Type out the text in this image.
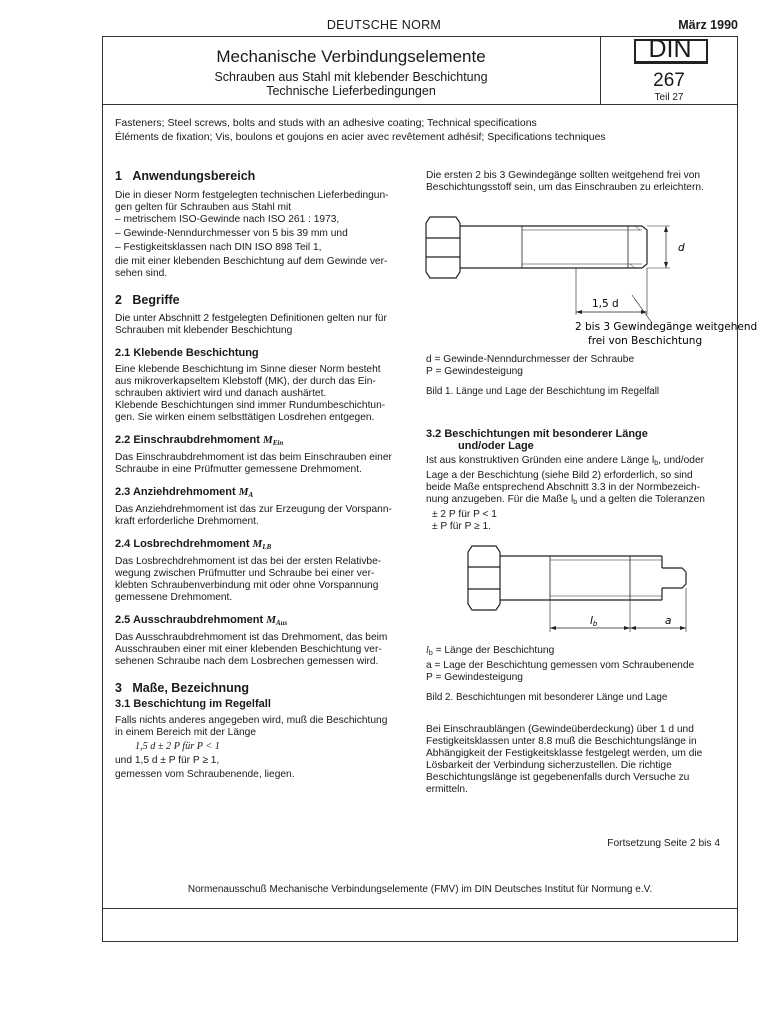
DEUTSCHE NORM	März 1990
Mechanische Verbindungselemente
Schrauben aus Stahl mit klebender Beschichtung
Technische Lieferbedingungen
DIN
267
Teil 27
Fasteners; Steel screws, bolts and studs with an adhesive coating; Technical specifications
Éléments de fixation; Vis, boulons et goujons en acier avec revêtement adhésif; Specifications techniques
1 Anwendungsbereich

Die in dieser Norm festgelegten technischen Lieferbedingun-

gen gelten für Schrauben aus Stahl mit

– metrischem ISO-Gewinde nach ISO 261 : 1973,

– Gewinde-Nenndurchmesser von 5 bis 39 mm und

– Festigkeitsklassen nach DIN ISO 898 Teil 1,

die mit einer klebenden Beschichtung auf dem Gewinde ver-

sehen sind.

2 Begriffe

Die unter Abschnitt 2 festgelegten Definitionen gelten nur für

Schrauben mit klebender Beschichtung

2.1 Klebende Beschichtung

Eine klebende Beschichtung im Sinne dieser Norm besteht

aus mikroverkapseltem Klebstoff (MK), der durch das Ein-

schrauben aktiviert wird und danach aushärtet.

Klebende Beschichtungen sind immer Rundumbeschichtun-

gen. Sie wirken einem selbsttätigen Losdrehen entgegen.

2.2 Einschraubdrehmoment $M_{Ein}$

Das Einschraubdrehmoment ist das beim Einschrauben einer

Schraube in eine Prüfmutter gemessene Drehmoment.

2.3 Anziehdrehmoment $M_A$

Das Anziehdrehmoment ist das zur Erzeugung der Vorspann-

kraft erforderliche Drehmoment.

2.4 Losbrechdrehmoment $M_{LB}$

Das Losbrechdrehmoment ist das bei der ersten Relativbe-

wegung zwischen Prüfmutter und Schraube bei einer ver-

klebten Schraubenverbindung mit oder ohne Vorspannung

gemessene Drehmoment.

2.5 Ausschraubdrehmoment $M_{Aus}$

Das Ausschraubdrehmoment ist das Drehmoment, das beim

Ausschrauben einer mit einer klebenden Beschichtung ver-

sehenen Schraube nach dem Losbrechen gemessen wird.

3 Maße, Bezeichnung
3.1 Beschichtung im Regelfall

Falls nichts anderes angegeben wird, muß die Beschichtung

in einem Bereich mit der Länge

1,5 d ± 2 P für P < 1

und 1,5 d ± P für P ≥ 1,

gemessen vom Schraubenende, liegen.

Die ersten 2 bis 3 Gewindegänge sollten weitgehend frei von

Beschichtungsstoff sein, um das Einschrauben zu erleichtern.

d
1,5 d
2 bis 3 Gewindegänge weitgehend
frei von Beschichtung

d = Gewinde-Nenndurchmesser der Schraube

P = Gewindesteigung

Bild 1. Länge und Lage der Beschichtung im Regelfall

3.2 Beschichtungen mit besonderer Länge
und/oder Lage

Ist aus konstruktiven Gründen eine andere Länge $l_b$, und/oder

Lage a der Beschichtung (siehe Bild 2) erforderlich, so sind

beide Maße entsprechend Abschnitt 3.3 in der Normbezeich-

nung anzugeben. Für die Maße $l_b$ und a gelten die Toleranzen

± 2 P für P < 1

± P für P ≥ 1.

lb	a

$l_b$ = Länge der Beschichtung

a = Lage der Beschichtung gemessen vom Schraubenende

P = Gewindesteigung

Bild 2. Beschichtungen mit besonderer Länge und Lage

Bei Einschraublängen (Gewindeüberdeckung) über 1 d und

Festigkeitsklassen unter 8.8 muß die Beschichtungslänge in

Abhängigkeit der Festigkeitsklasse festgelegt werden, um die

Lösbarkeit der Verbindung sicherzustellen. Die richtige

Beschichtungslänge ist gegebenenfalls durch Versuche zu

ermitteln.

Fortsetzung Seite 2 bis 4
Normenausschuß Mechanische Verbindungselemente (FMV) im DIN Deutsches Institut für Normung e.V.
